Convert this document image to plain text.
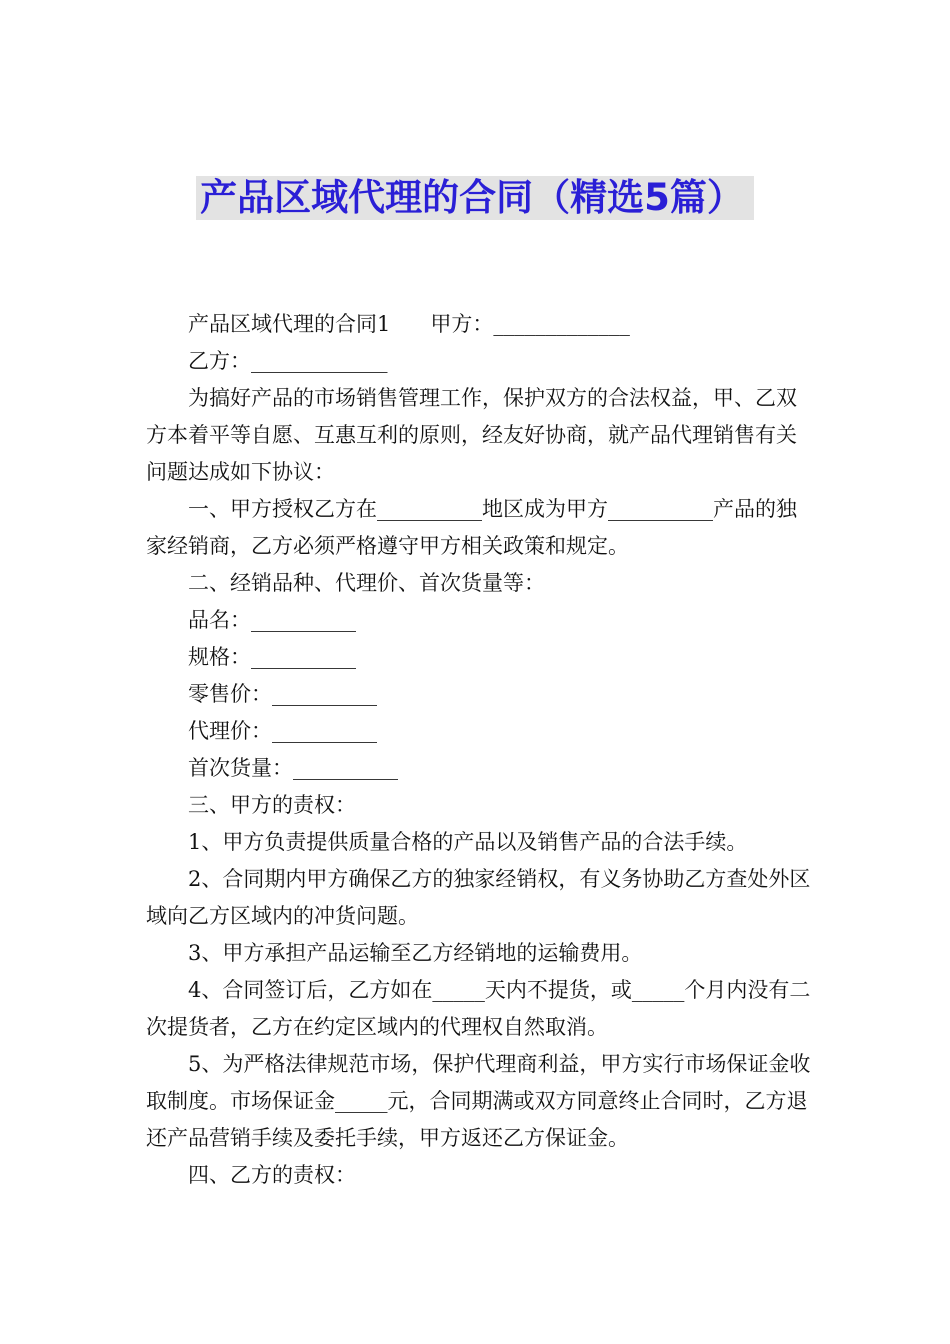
产品区域代理的合同（精选5篇）

产品区域代理的合同1 甲方：_____________

乙方：_____________

为搞好产品的市场销售管理工作，保护双方的合法权益，甲、乙双方本着平等自愿、互惠互利的原则，经友好协商，就产品代理销售有关问题达成如下协议：

一、甲方授权乙方在__________地区成为甲方__________产品的独家经销商，乙方必须严格遵守甲方相关政策和规定。

二、经销品种、代理价、首次货量等：

品名：__________

规格：__________

零售价：__________

代理价：__________

首次货量：__________

三、甲方的责权：

1、甲方负责提供质量合格的产品以及销售产品的合法手续。

2、合同期内甲方确保乙方的独家经销权，有义务协助乙方查处外区域向乙方区域内的冲货问题。

3、甲方承担产品运输至乙方经销地的运输费用。

4、合同签订后，乙方如在_____天内不提货，或_____个月内没有二次提货者，乙方在约定区域内的代理权自然取消。

5、为严格法律规范市场，保护代理商利益，甲方实行市场保证金收取制度。市场保证金_____元，合同期满或双方同意终止合同时，乙方退还产品营销手续及委托手续，甲方返还乙方保证金。

四、乙方的责权：
